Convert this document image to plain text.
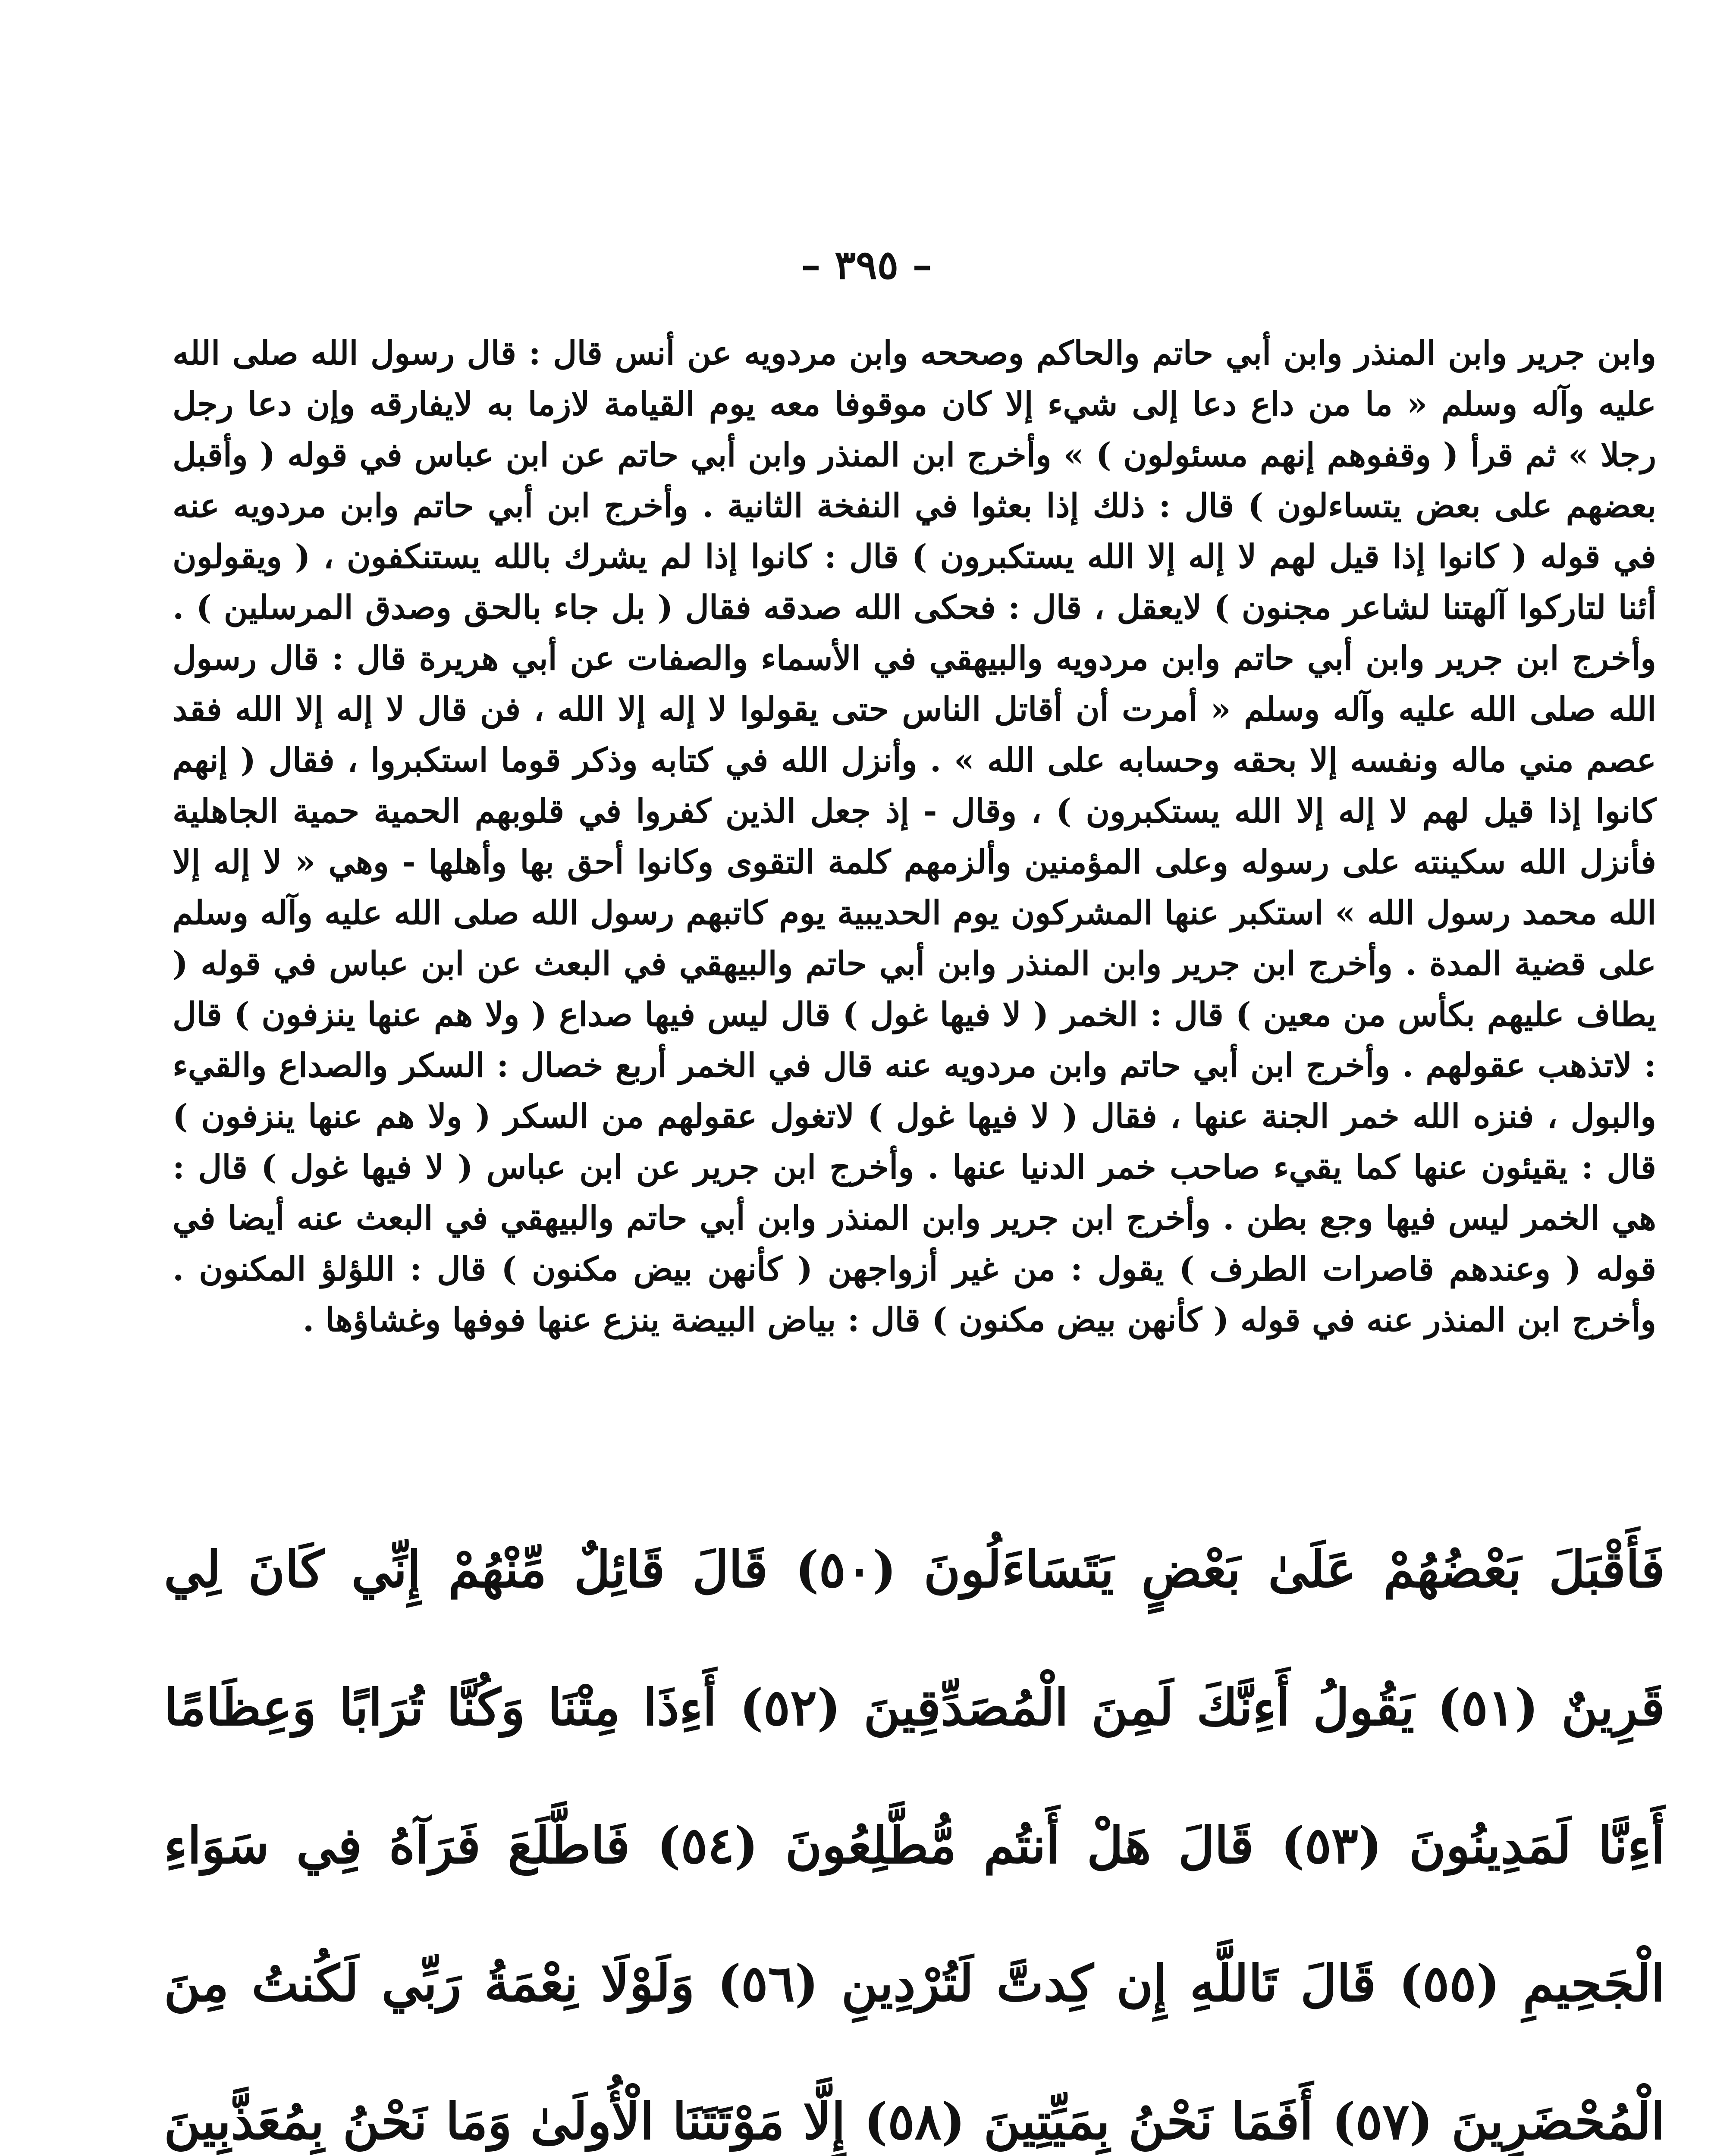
– ٣٩٥ –

وابن جرير وابن المنذر وابن أبي حاتم والحاكم وصححه وابن مردويه عن أنس قال : قال رسول الله صلى الله عليه وآله وسلم « ما من داع دعا إلى شيء إلا كان موقوفا معه يوم القيامة لازما به لايفارقه وإن دعا رجل رجلا » ثم قرأ ( وقفوهم إنهم مسئولون ) » وأخرج ابن المنذر وابن أبي حاتم عن ابن عباس في قوله ( وأقبل بعضهم على بعض يتساءلون ) قال : ذلك إذا بعثوا في النفخة الثانية . وأخرج ابن أبي حاتم وابن مردويه عنه في قوله ( كانوا إذا قيل لهم لا إله إلا الله يستكبرون ) قال : كانوا إذا لم يشرك بالله يستنكفون ، ( ويقولون أئنا لتاركوا آلهتنا لشاعر مجنون ) لايعقل ، قال : فحكى الله صدقه فقال ( بل جاء بالحق وصدق المرسلين ) . وأخرج ابن جرير وابن أبي حاتم وابن مردويه والبيهقي في الأسماء والصفات عن أبي هريرة قال : قال رسول الله صلى الله عليه وآله وسلم « أمرت أن أقاتل الناس حتى يقولوا لا إله إلا الله ، فن قال لا إله إلا الله فقد عصم مني ماله ونفسه إلا بحقه وحسابه على الله » . وأنزل الله في كتابه وذكر قوما استكبروا ، فقال ( إنهم كانوا إذا قيل لهم لا إله إلا الله يستكبرون ) ، وقال - إذ جعل الذين كفروا في قلوبهم الحمية حمية الجاهلية فأنزل الله سكينته على رسوله وعلى المؤمنين وألزمهم كلمة التقوى وكانوا أحق بها وأهلها - وهي « لا إله إلا الله محمد رسول الله » استكبر عنها المشركون يوم الحديبية يوم كاتبهم رسول الله صلى الله عليه وآله وسلم على قضية المدة . وأخرج ابن جرير وابن المنذر وابن أبي حاتم والبيهقي في البعث عن ابن عباس في قوله ( يطاف عليهم بكأس من معين ) قال : الخمر ( لا فيها غول ) قال ليس فيها صداع ( ولا هم عنها ينزفون ) قال : لاتذهب عقولهم . وأخرج ابن أبي حاتم وابن مردويه عنه قال في الخمر أربع خصال : السكر والصداع والقيء والبول ، فنزه الله خمر الجنة عنها ، فقال ( لا فيها غول ) لاتغول عقولهم من السكر ( ولا هم عنها ينزفون ) قال : يقيئون عنها كما يقيء صاحب خمر الدنيا عنها . وأخرج ابن جرير عن ابن عباس ( لا فيها غول ) قال : هي الخمر ليس فيها وجع بطن . وأخرج ابن جرير وابن المنذر وابن أبي حاتم والبيهقي في البعث عنه أيضا في قوله ( وعندهم قاصرات الطرف ) يقول : من غير أزواجهن ( كأنهن بيض مكنون ) قال : اللؤلؤ المكنون . وأخرج ابن المنذر عنه في قوله ( كأنهن بيض مكنون ) قال : بياض البيضة ينزع عنها فوفها وغشاؤها .

فَأَقْبَلَ بَعْضُهُمْ عَلَىٰ بَعْضٍ يَتَسَاءَلُونَ (٥٠) قَالَ قَائِلٌ مِّنْهُمْ إِنِّي كَانَ لِي قَرِينٌ (٥١) يَقُولُ أَءِنَّكَ لَمِنَ الْمُصَدِّقِينَ (٥٢) أَءِذَا مِتْنَا وَكُنَّا تُرَابًا وَعِظَامًا أَءِنَّا لَمَدِينُونَ (٥٣) قَالَ هَلْ أَنتُم مُّطَّلِعُونَ (٥٤) فَاطَّلَعَ فَرَآهُ فِي سَوَاءِ الْجَحِيمِ (٥٥) قَالَ تَاللَّهِ إِن كِدتَّ لَتُرْدِينِ (٥٦) وَلَوْلَا نِعْمَةُ رَبِّي لَكُنتُ مِنَ الْمُحْضَرِينَ (٥٧) أَفَمَا نَحْنُ بِمَيِّتِينَ (٥٨) إِلَّا مَوْتَتَنَا الْأُولَىٰ وَمَا نَحْنُ بِمُعَذَّبِينَ
